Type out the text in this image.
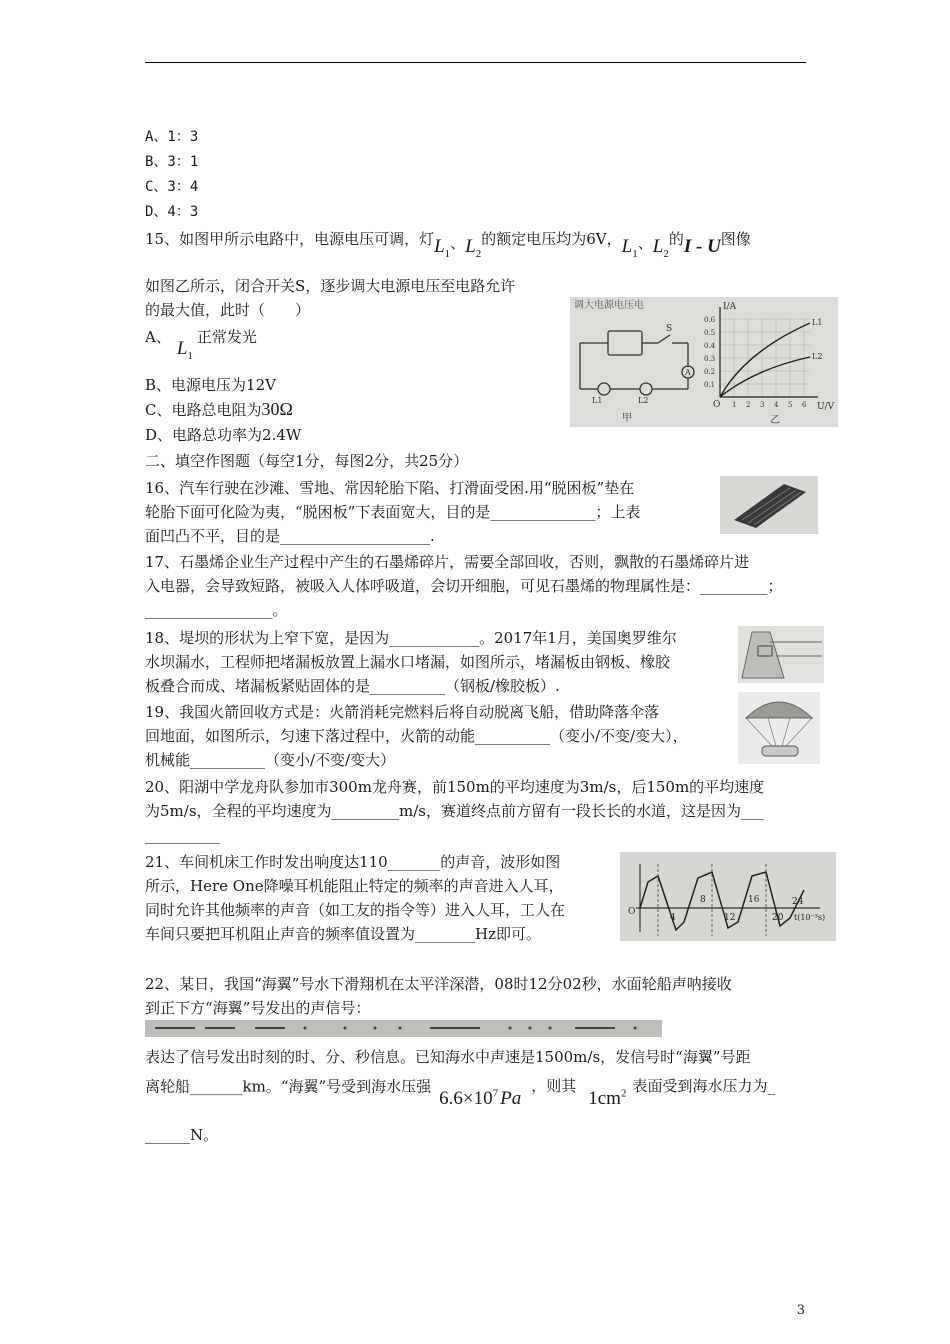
A、1：3
B、3：1
C、3：4
D、4：3
15、如图甲所示电路中，电源电压可调，灯$L_1$、$L_2$的额定电压均为6V，$L_1$、$L_2$的I - U图像
如图乙所示，闭合开关S，逐步调大电源电压至电路允许
的最大值，此时（　　）
A、$L_1$正常发光
B、电源电压为12V
C、电路总电阻为30Ω
D、电路总功率为2.4W
调大电源电压电
S
A
L1	L2
甲
I/A
U/V
O
0.6
0.5
0.4
0.3
0.2
0.1
1 2 3 4 5 6
L1
L2
乙
二、填空作图题（每空1分，每图2分，共25分）
16、汽车行驶在沙滩、雪地、常因轮胎下陷、打滑面受困.用“脱困板”垫在
轮胎下面可化险为夷，“脱困板”下表面宽大，目的是______________；上表
面凹凸不平，目的是____________________.
17、石墨烯企业生产过程中产生的石墨烯碎片，需要全部回收，否则，飘散的石墨烯碎片进
入电器，会导致短路，被吸入人体呼吸道，会切开细胞，可见石墨烯的物理属性是：_________；
_________________。
18、堤坝的形状为上窄下宽，是因为____________。2017年1月，美国奥罗维尔
水坝漏水，工程师把堵漏板放置上漏水口堵漏，如图所示，堵漏板由钢板、橡胶
板叠合而成、堵漏板紧贴固体的是__________（钢板/橡胶板）.
19、我国火箭回收方式是：火箭消耗完燃料后将自动脱离飞船，借助降落伞落
回地面，如图所示，匀速下落过程中，火箭的动能__________（变小/不变/变大），
机械能__________（变小/不变/变大）
20、阳湖中学龙舟队参加市300m龙舟赛，前150m的平均速度为3m/s，后150m的平均速度
为5m/s，全程的平均速度为_________m/s，赛道终点前方留有一段长长的水道，这是因为___
__________
21、车间机床工作时发出响度达110_______的声音，波形如图
所示，Here One降噪耳机能阻止特定的频率的声音进入人耳，
同时允许其他频率的声音（如工友的指令等）进入人耳，工人在
车间只要把耳机阻止声音的频率值设置为________Hz即可。
O
4
8
12
16
20
24
t(10⁻³s)
22、某日，我国“海翼”号水下滑翔机在太平洋深潜，08时12分02秒，水面轮船声呐接收
到正下方“海翼”号发出的声信号：
表达了信号发出时刻的时、分、秒信息。已知海水中声速是1500m/s，发信号时“海翼”号距
离轮船_______km。“海翼”号受到海水压强$6.6\times 10^7$ Pa，则其$1cm^2$ 表面受到海水压力为_
______N。
3
